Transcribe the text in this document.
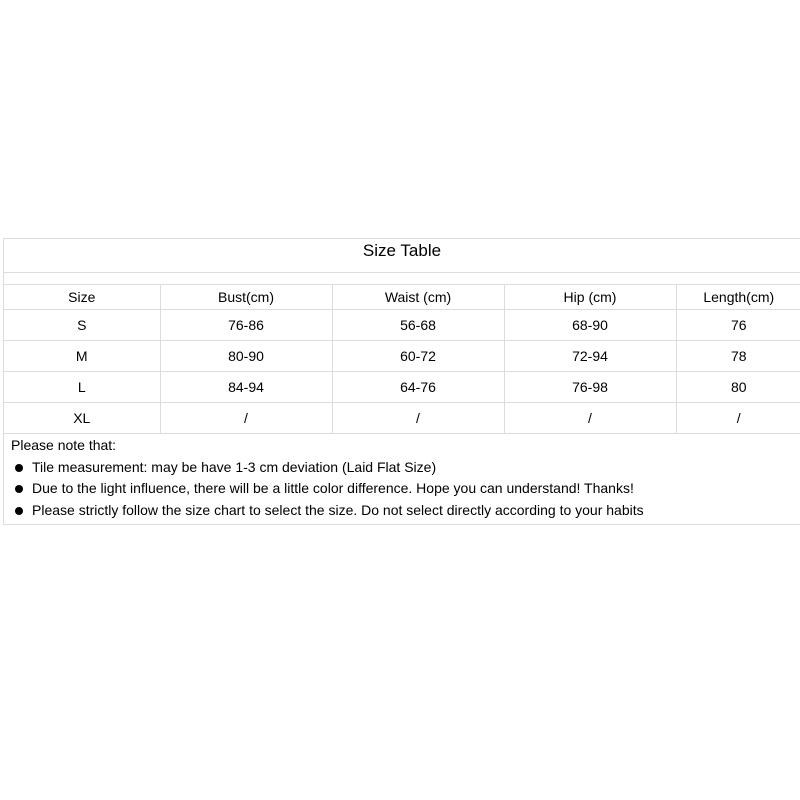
Size Table
Size	Bust(cm)	Waist (cm)	Hip (cm)	Length(cm)
S	76-86	56-68	68-90	76
M	80-90	60-72	72-94	78
L	84-94	64-76	76-98	80
XL	/	/	/	/
Please note that:
Tile measurement: may be have 1-3 cm deviation (Laid Flat Size)
Due to the light influence, there will be a little color difference. Hope you can understand! Thanks!
Please strictly follow the size chart to select the size. Do not select directly according to your habits
